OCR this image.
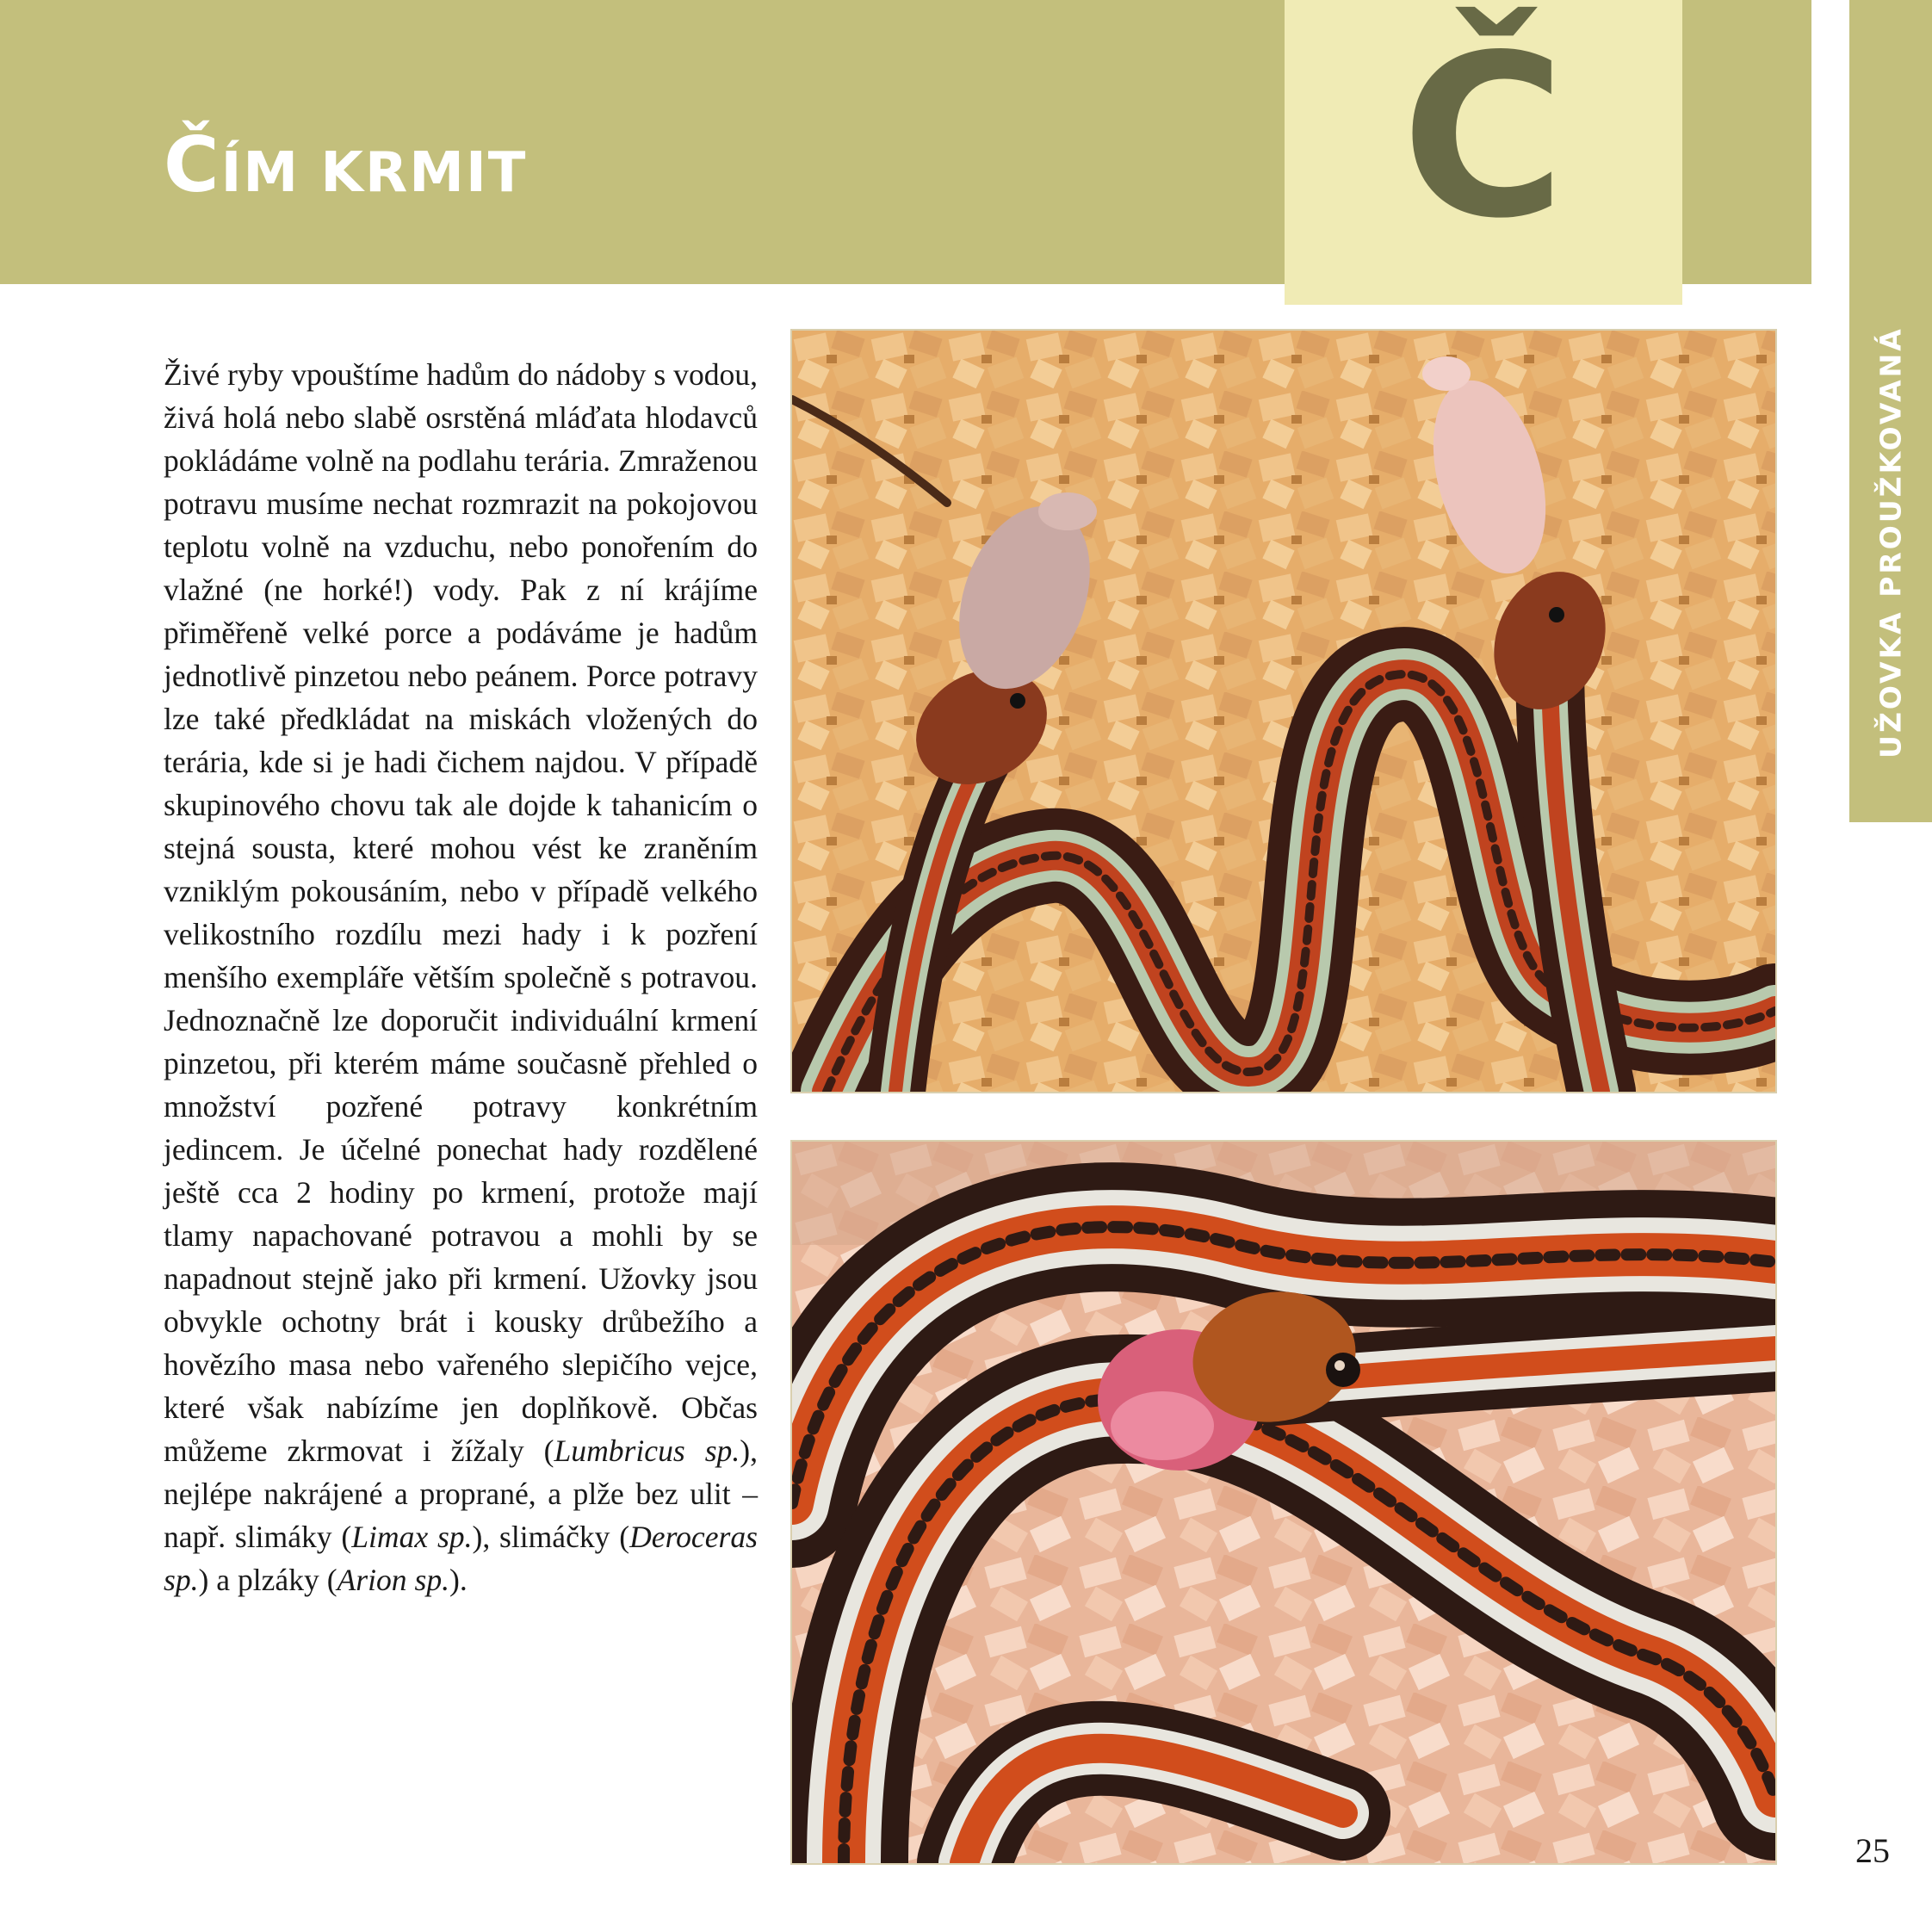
ČÍM KRMIT	Č
UŽOVKA PROUŽKOVANÁ

Živé ryby vpouštíme hadům do nádoby s vodou, živá holá nebo slabě osrstěná mláďata hlodavců pokládáme volně na podlahu terária. Zmraženou potravu musíme nechat rozmrazit na pokojovou teplotu volně na vzduchu, nebo ponořením do vlažné (ne horké!) vody. Pak z ní krájíme přiměřeně velké porce a podáváme je hadům jednotlivě pinzetou nebo peánem. Porce potravy lze také předkládat na miskách vložených do terária, kde si je hadi čichem najdou. V případě skupinového chovu tak ale dojde k tahanicím o stejná sousta, které mohou vést ke zraněním vzniklým pokousáním, nebo v případě velkého velikostního rozdílu mezi hady i k pozření menšího exempláře větším společně s potravou. Jednoznačně lze doporučit individuální krmení pinzetou, při kterém máme současně přehled o množství pozřené potravy konkrétním jedincem. Je účelné ponechat hady rozdělené ještě cca 2 hodiny po krmení, protože mají tlamy napachované potravou a mohli by se napadnout stejně jako při krmení. Užovky jsou obvykle ochotny brát i kousky drůbežího a hovězího masa nebo vařeného slepičího vejce, které však nabízíme jen doplňkově. Občas můžeme zkrmovat i žížaly (Lumbricus sp.), nejlépe nakrájené a proprané, a plže bez ulit – např. slimáky (Limax sp.), slimáčky (Deroceras sp.) a plzáky (Arion sp.).

25
